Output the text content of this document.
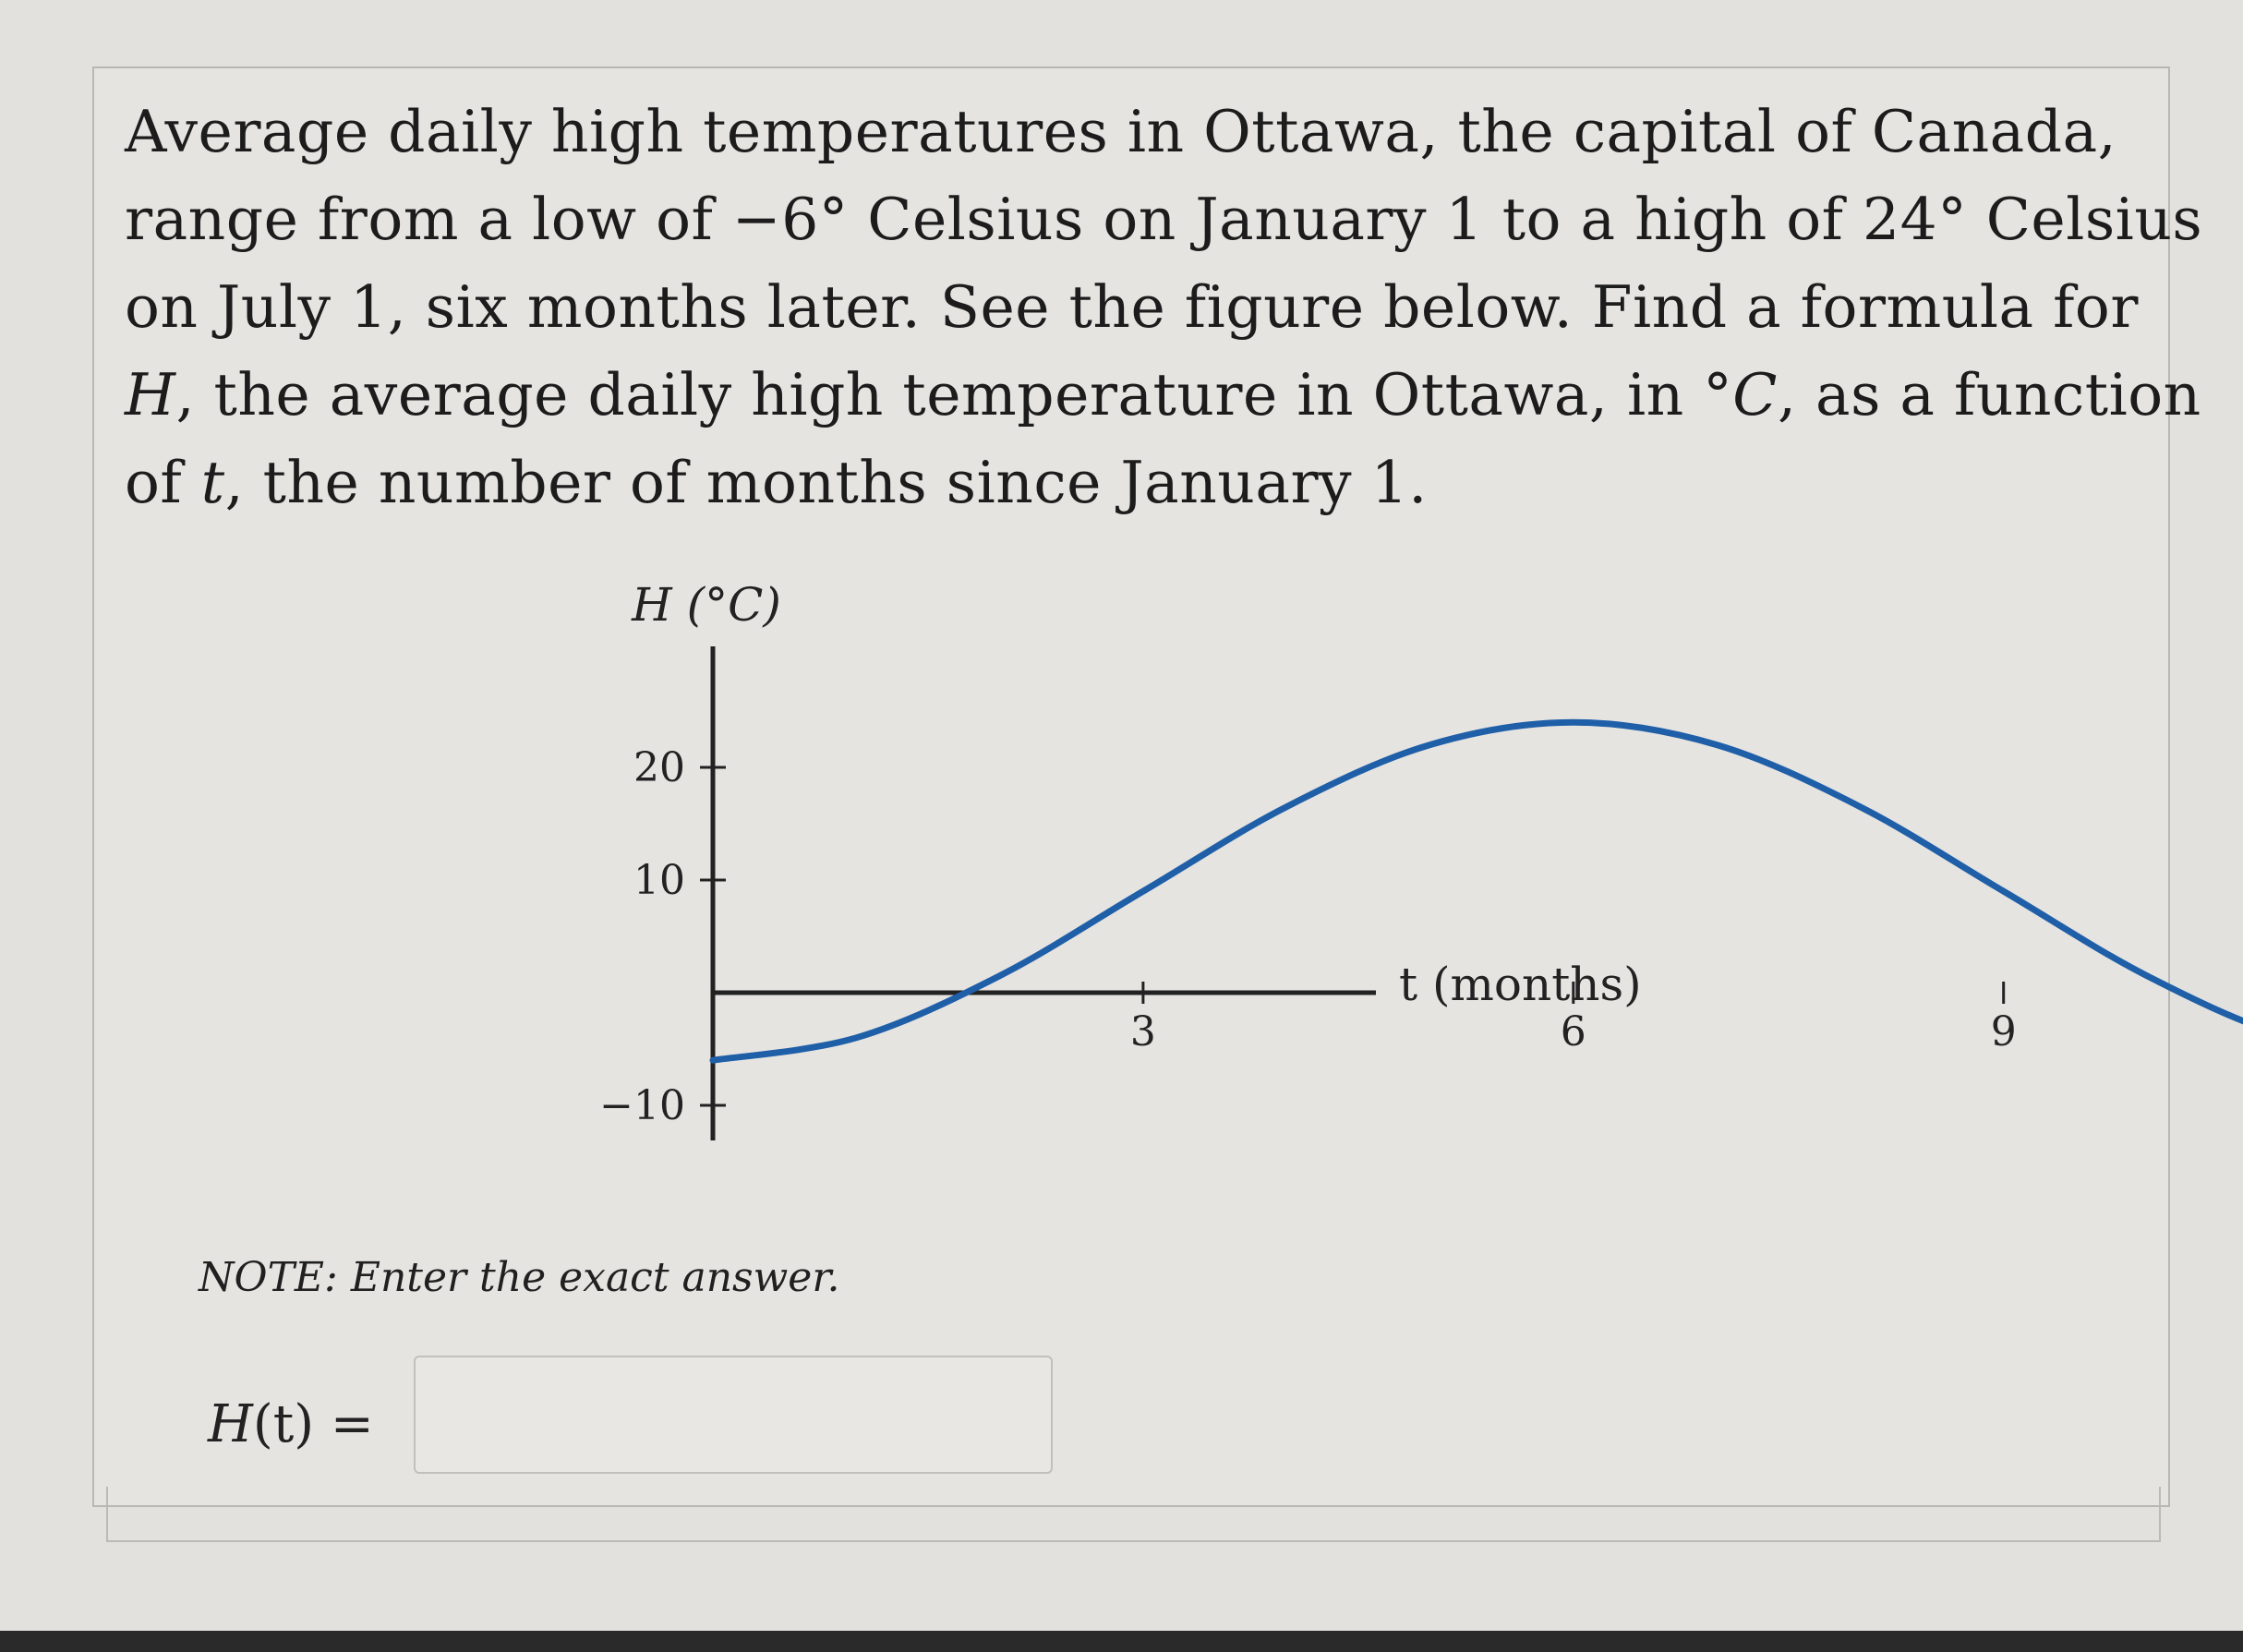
Average daily high temperatures in Ottawa, the capital of Canada,

range from a low of −6° Celsius on January 1 to a high of 24° Celsius

on July 1, six months later. See the figure below. Find a formula for

H, the average daily high temperature in Ottawa, in °C, as a function

of t, the number of months since January 1.

3	6	9
20
10
−10
H (°C)
t (months)
NOTE: Enter the exact answer.
H(t) =
